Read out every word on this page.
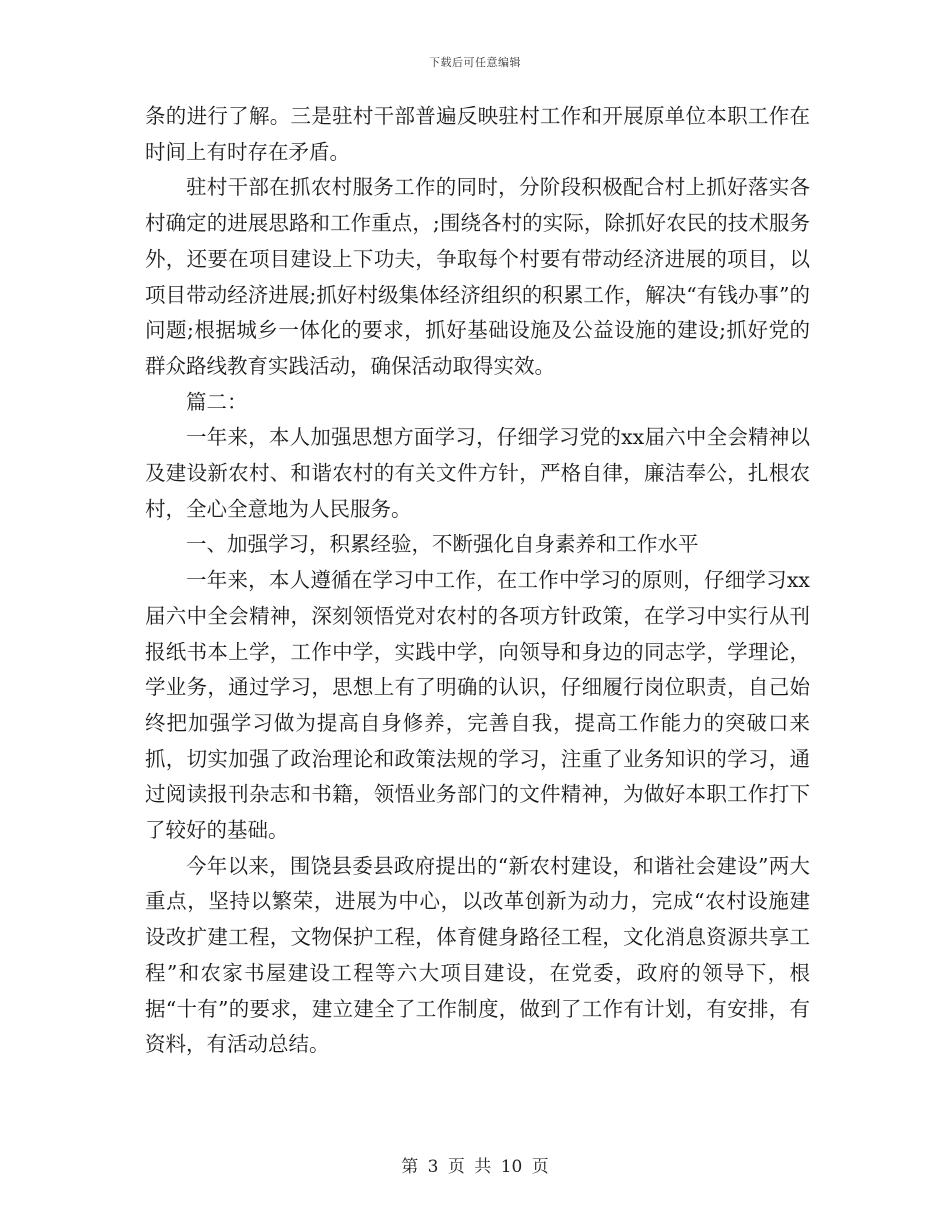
下载后可任意编辑

条的进行了解。三是驻村干部普遍反映驻村工作和开展原单位本职工作在时间上有时存在矛盾。

驻村干部在抓农村服务工作的同时，分阶段积极配合村上抓好落实各村确定的进展思路和工作重点，;围绕各村的实际，除抓好农民的技术服务外，还要在项目建设上下功夫，争取每个村要有带动经济进展的项目，以项目带动经济进展;抓好村级集体经济组织的积累工作，解决“有钱办事”的问题;根据城乡一体化的要求，抓好基础设施及公益设施的建设;抓好党的群众路线教育实践活动，确保活动取得实效。

篇二：

一年来，本人加强思想方面学习，仔细学习党的xx届六中全会精神以及建设新农村、和谐农村的有关文件方针，严格自律，廉洁奉公，扎根农村，全心全意地为人民服务。

一、加强学习，积累经验，不断强化自身素养和工作水平

一年来，本人遵循在学习中工作，在工作中学习的原则，仔细学习xx届六中全会精神，深刻领悟党对农村的各项方针政策，在学习中实行从刊报纸书本上学，工作中学，实践中学，向领导和身边的同志学，学理论，学业务，通过学习，思想上有了明确的认识，仔细履行岗位职责，自己始终把加强学习做为提高自身修养，完善自我，提高工作能力的突破口来抓，切实加强了政治理论和政策法规的学习，注重了业务知识的学习，通过阅读报刊杂志和书籍，领悟业务部门的文件精神，为做好本职工作打下了较好的基础。

今年以来，围饶县委县政府提出的“新农村建设，和谐社会建设”两大重点，坚持以繁荣，进展为中心，以改革创新为动力，完成“农村设施建设改扩建工程，文物保护工程，体育健身路径工程，文化消息资源共享工程”和农家书屋建设工程等六大项目建设，在党委，政府的领导下，根据“十有”的要求，建立建全了工作制度，做到了工作有计划，有安排，有资料，有活动总结。

第 3 页 共 10 页
